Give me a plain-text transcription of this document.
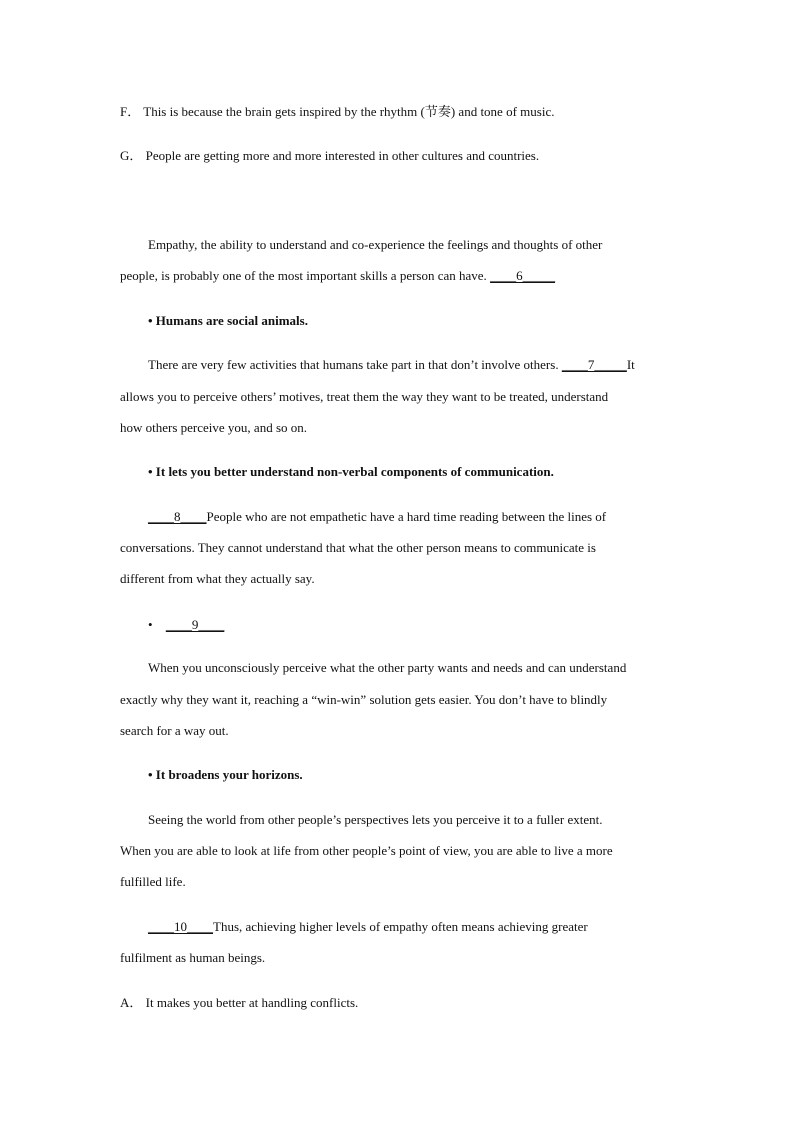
F． This is because the brain gets inspired by the rhythm (节奏) and tone of music.
G． People are getting more and more interested in other cultures and countries.
Empathy, the ability to understand and co-experience the feelings and thoughts of other
people, is probably one of the most important skills a person can have. ____6_____
• Humans are social animals.
There are very few activities that humans take part in that don’t involve others. ____7_____It
allows you to perceive others’ motives, treat them the way they want to be treated, understand
how others perceive you, and so on.
• It lets you better understand non-verbal components of communication.
____8____People who are not empathetic have a hard time reading between the lines of
conversations. They cannot understand that what the other person means to communicate is
different from what they actually say.
• ____9____
When you unconsciously perceive what the other party wants and needs and can understand
exactly why they want it, reaching a “win-win” solution gets easier. You don’t have to blindly
search for a way out.
• It broadens your horizons.
Seeing the world from other people’s perspectives lets you perceive it to a fuller extent.
When you are able to look at life from other people’s point of view, you are able to live a more
fulfilled life.
____10____Thus, achieving higher levels of empathy often means achieving greater
fulfilment as human beings.
A． It makes you better at handling conflicts.
